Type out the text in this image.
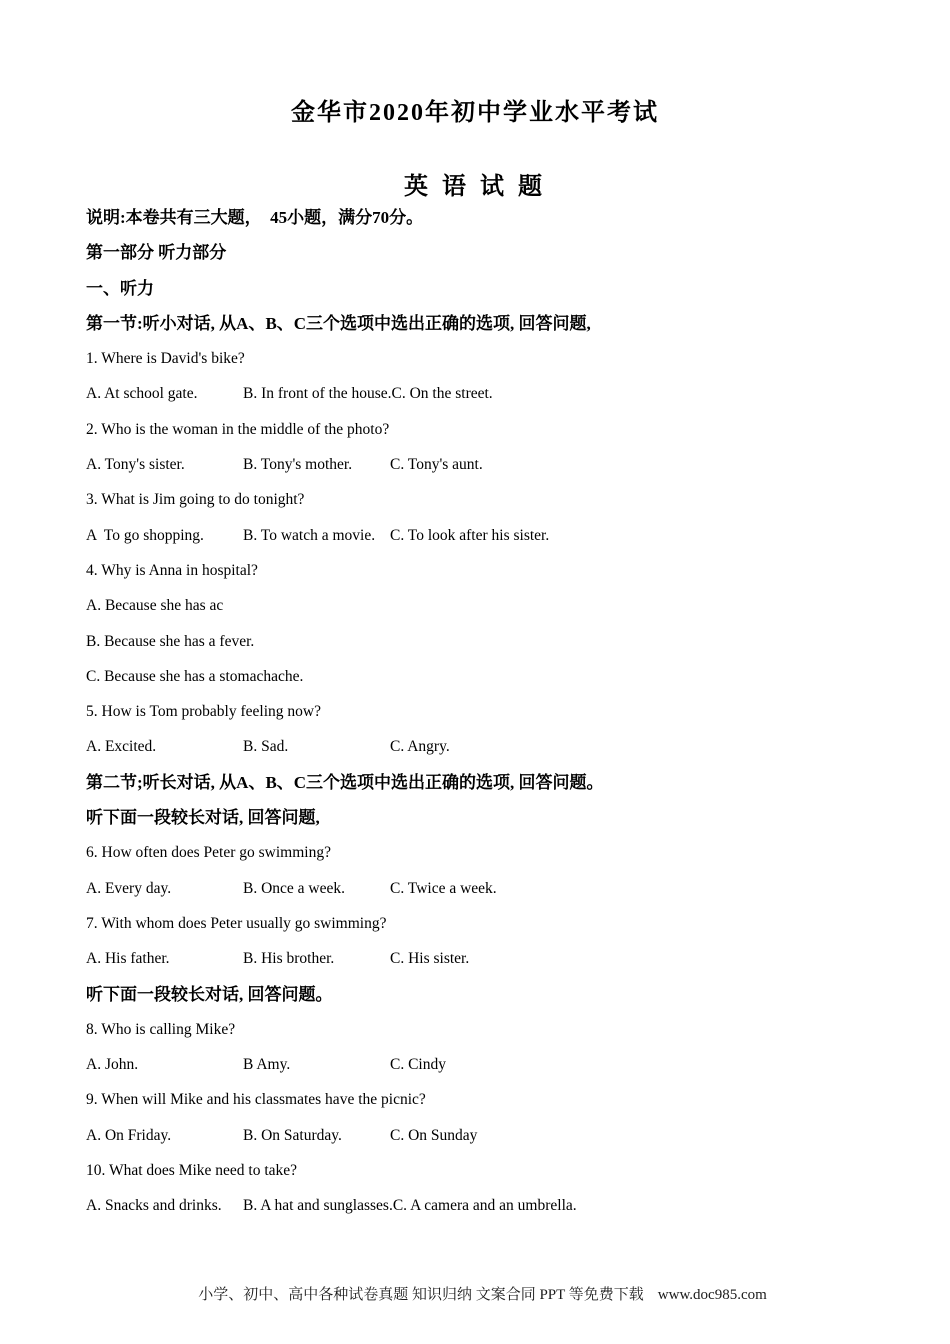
金华市2020年初中学业水平考试
英 语 试 题
说明:本卷共有三大题，  45小题，满分70分。
第一部分 听力部分
一、听力
第一节:听小对话, 从A、B、C三个选项中选出正确的选项, 回答问题,
1. Where is David's bike?
A. At school gate.	B. In front of the house.C. On the street.
2. Who is the woman in the middle of the photo?
A. Tony's sister.	B. Tony's mother. C. Tony's aunt.
3. What is Jim going to do tonight?
A  To go shopping.	B. To watch a movie. C. To look after his sister.
4. Why is Anna in hospital?
A. Because she has ac
B. Because she has a fever.
C. Because she has a stomachache.
5. How is Tom probably feeling now?
A. Excited.	B. Sad.	C. Angry.
第二节;听长对话, 从A、B、C三个选项中选出正确的选项, 回答问题。
听下面一段较长对话, 回答问题,
6. How often does Peter go swimming?
A. Every day.	B. Once a week.	C. Twice a week.
7. With whom does Peter usually go swimming?
A. His father.	B. His brother.	C. His sister.
听下面一段较长对话, 回答问题。
8. Who is calling Mike?
A. John.	B Amy.	C. Cindy
9. When will Mike and his classmates have the picnic?
A. On Friday.	B. On Saturday.	C. On Sunday
10. What does Mike need to take?
A. Snacks and drinks. B. A hat and sunglasses.C. A camera and an umbrella.

小学、初中、高中各种试卷真题 知识归纳 文案合同 PPT 等免费下载 www.doc985.com
